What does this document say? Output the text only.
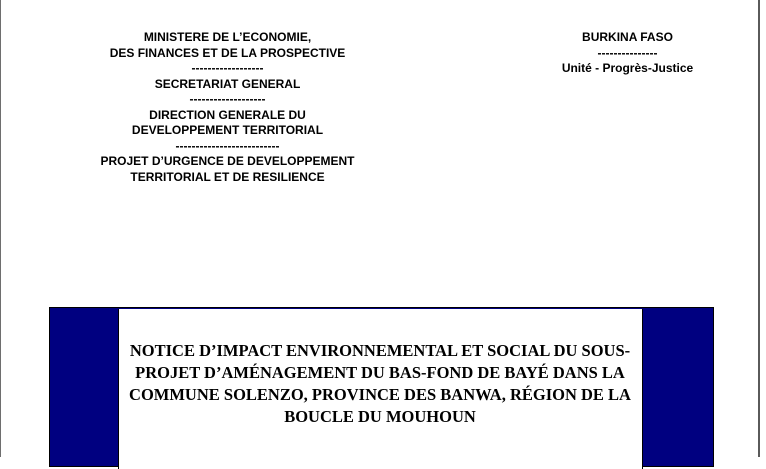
MINISTERE DE L’ECONOMIE,
DES FINANCES ET DE LA PROSPECTIVE
------------------
SECRETARIAT GENERAL
-------------------
DIRECTION GENERALE DU
DEVELOPPEMENT TERRITORIAL
--------------------------
PROJET D’URGENCE DE DEVELOPPEMENT
TERRITORIAL ET DE RESILIENCE
BURKINA FASO
---------------
Unité - Progrès-Justice
NOTICE D’IMPACT ENVIRONNEMENTAL ET SOCIAL DU SOUS-
PROJET D’AMÉNAGEMENT DU BAS-FOND DE BAYÉ DANS LA
COMMUNE SOLENZO, PROVINCE DES BANWA, RÉGION DE LA
BOUCLE DU MOUHOUN
